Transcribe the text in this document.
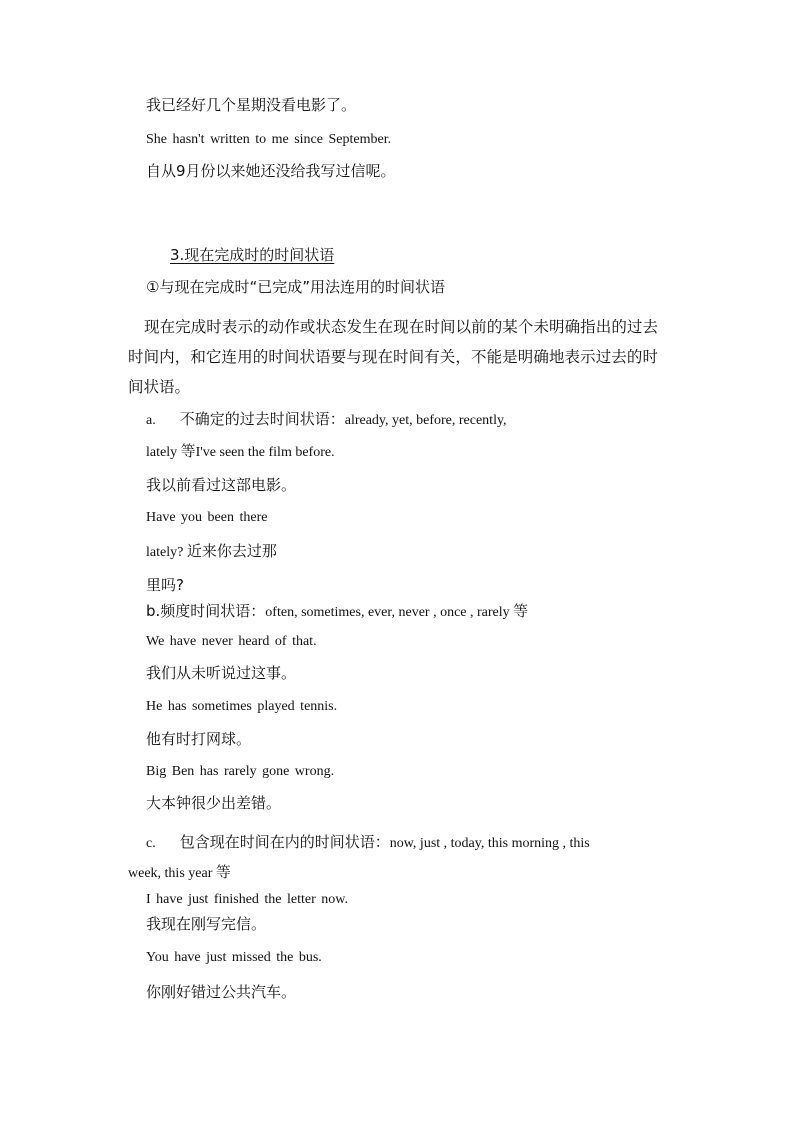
我已经好几个星期没看电影了。
She hasn't written to me since September.
自从9月份以来她还没给我写过信呢。
3.现在完成时的时间状语
①与现在完成时“已完成”用法连用的时间状语
现在完成时表示的动作或状态发生在现在时间以前的某个未明确指出的过去时间内，和它连用的时间状语要与现在时间有关，不能是明确地表示过去的时间状语。
a. 不确定的过去时间状语：already, yet, before, recently,
lately 等I've seen the film before.
我以前看过这部电影。
Have you been there
lately? 近来你去过那
里吗?
b.频度时间状语：often, sometimes, ever, never , once , rarely 等
We have never heard of that.
我们从未听说过这事。
He has sometimes played tennis.
他有时打网球。
Big Ben has rarely gone wrong.
大本钟很少出差错。
c. 包含现在时间在内的时间状语：now, just , today, this morning , this
week, this year 等
I have just finished the letter now.
我现在刚写完信。
You have just missed the bus.
你刚好错过公共汽车。
